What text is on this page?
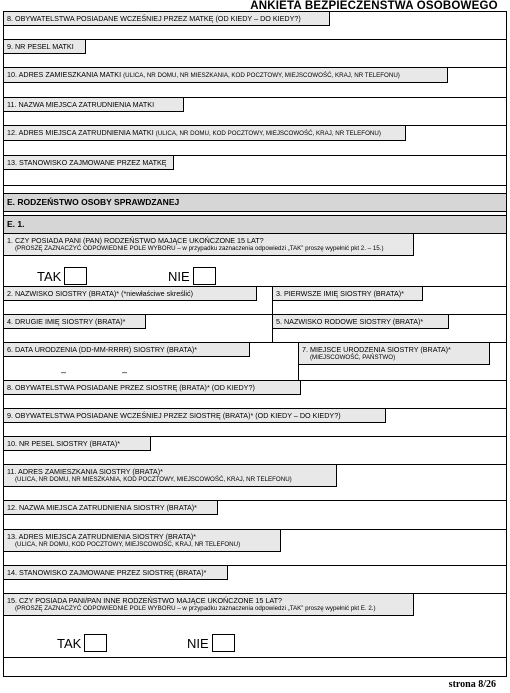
ANKIETA BEZPIECZEŃSTWA OSOBOWEGO
8. OBYWATELSTWA POSIADANE WCZEŚNIEJ PRZEZ MATKĘ (OD KIEDY – DO KIEDY?)
9. NR PESEL MATKI
10. ADRES ZAMIESZKANIA MATKI (ULICA, NR DOMU, NR MIESZKANIA, KOD POCZTOWY, MIEJSCOWOŚĆ, KRAJ, NR TELEFONU)
11. NAZWA MIEJSCA ZATRUDNIENIA MATKI
12. ADRES MIEJSCA ZATRUDNIENIA MATKI (ULICA, NR DOMU, KOD POCZTOWY, MIEJSCOWOŚĆ, KRAJ, NR TELEFONU)
13. STANOWISKO ZAJMOWANE PRZEZ MATKĘ
E. RODZEŃSTWO OSOBY SPRAWDZANEJ
E. 1.
1. CZY POSIADA PANI (PAN) RODZEŃSTWO MAJĄCE UKOŃCZONE 15 LAT?
(PROSZĘ ZAZNACZYĆ ODPOWIEDNIE POLE WYBORU – w przypadku zaznaczenia odpowiedzi „TAK” proszę wypełnić pkt 2. – 15.)
TAK	NIE
2. NAZWISKO SIOSTRY (BRATA)* (*niewłaściwe skreślić)	3. PIERWSZE IMIĘ SIOSTRY (BRATA)*
4. DRUGIE IMIĘ SIOSTRY (BRATA)*	5. NAZWISKO RODOWE SIOSTRY (BRATA)*
6. DATA URODZENIA (DD-MM-RRRR) SIOSTRY (BRATA)*
–	–
7. MIEJSCE URODZENIA SIOSTRY (BRATA)*
(MIEJSCOWOŚĆ, PAŃSTWO)
8. OBYWATELSTWA POSIADANE PRZEZ SIOSTRĘ (BRATA)* (OD KIEDY?)
9. OBYWATELSTWA POSIADANE WCZEŚNIEJ PRZEZ SIOSTRĘ (BRATA)* (OD KIEDY – DO KIEDY?)
10. NR PESEL SIOSTRY (BRATA)*
11. ADRES ZAMIESZKANIA SIOSTRY (BRATA)*
(ULICA, NR DOMU, NR MIESZKANIA, KOD POCZTOWY, MIEJSCOWOŚĆ, KRAJ, NR TELEFONU)
12. NAZWA MIEJSCA ZATRUDNIENIA SIOSTRY (BRATA)*
13. ADRES MIEJSCA ZATRUDNIENIA SIOSTRY (BRATA)*
(ULICA, NR DOMU, KOD POCZTOWY, MIEJSCOWOŚĆ, KRAJ, NR TELEFONU)
14. STANOWISKO ZAJMOWANE PRZEZ SIOSTRĘ (BRATA)*
15. CZY POSIADA PANI/PAN INNE RODZEŃSTWO MAJĄCE UKOŃCZONE 15 LAT?
(PROSZĘ ZAZNACZYĆ ODPOWIEDNIE POLE WYBORU – w przypadku zaznaczenia odpowiedzi „TAK” proszę wypełnić pkt E. 2.)
TAK	NIE
strona 8/26
